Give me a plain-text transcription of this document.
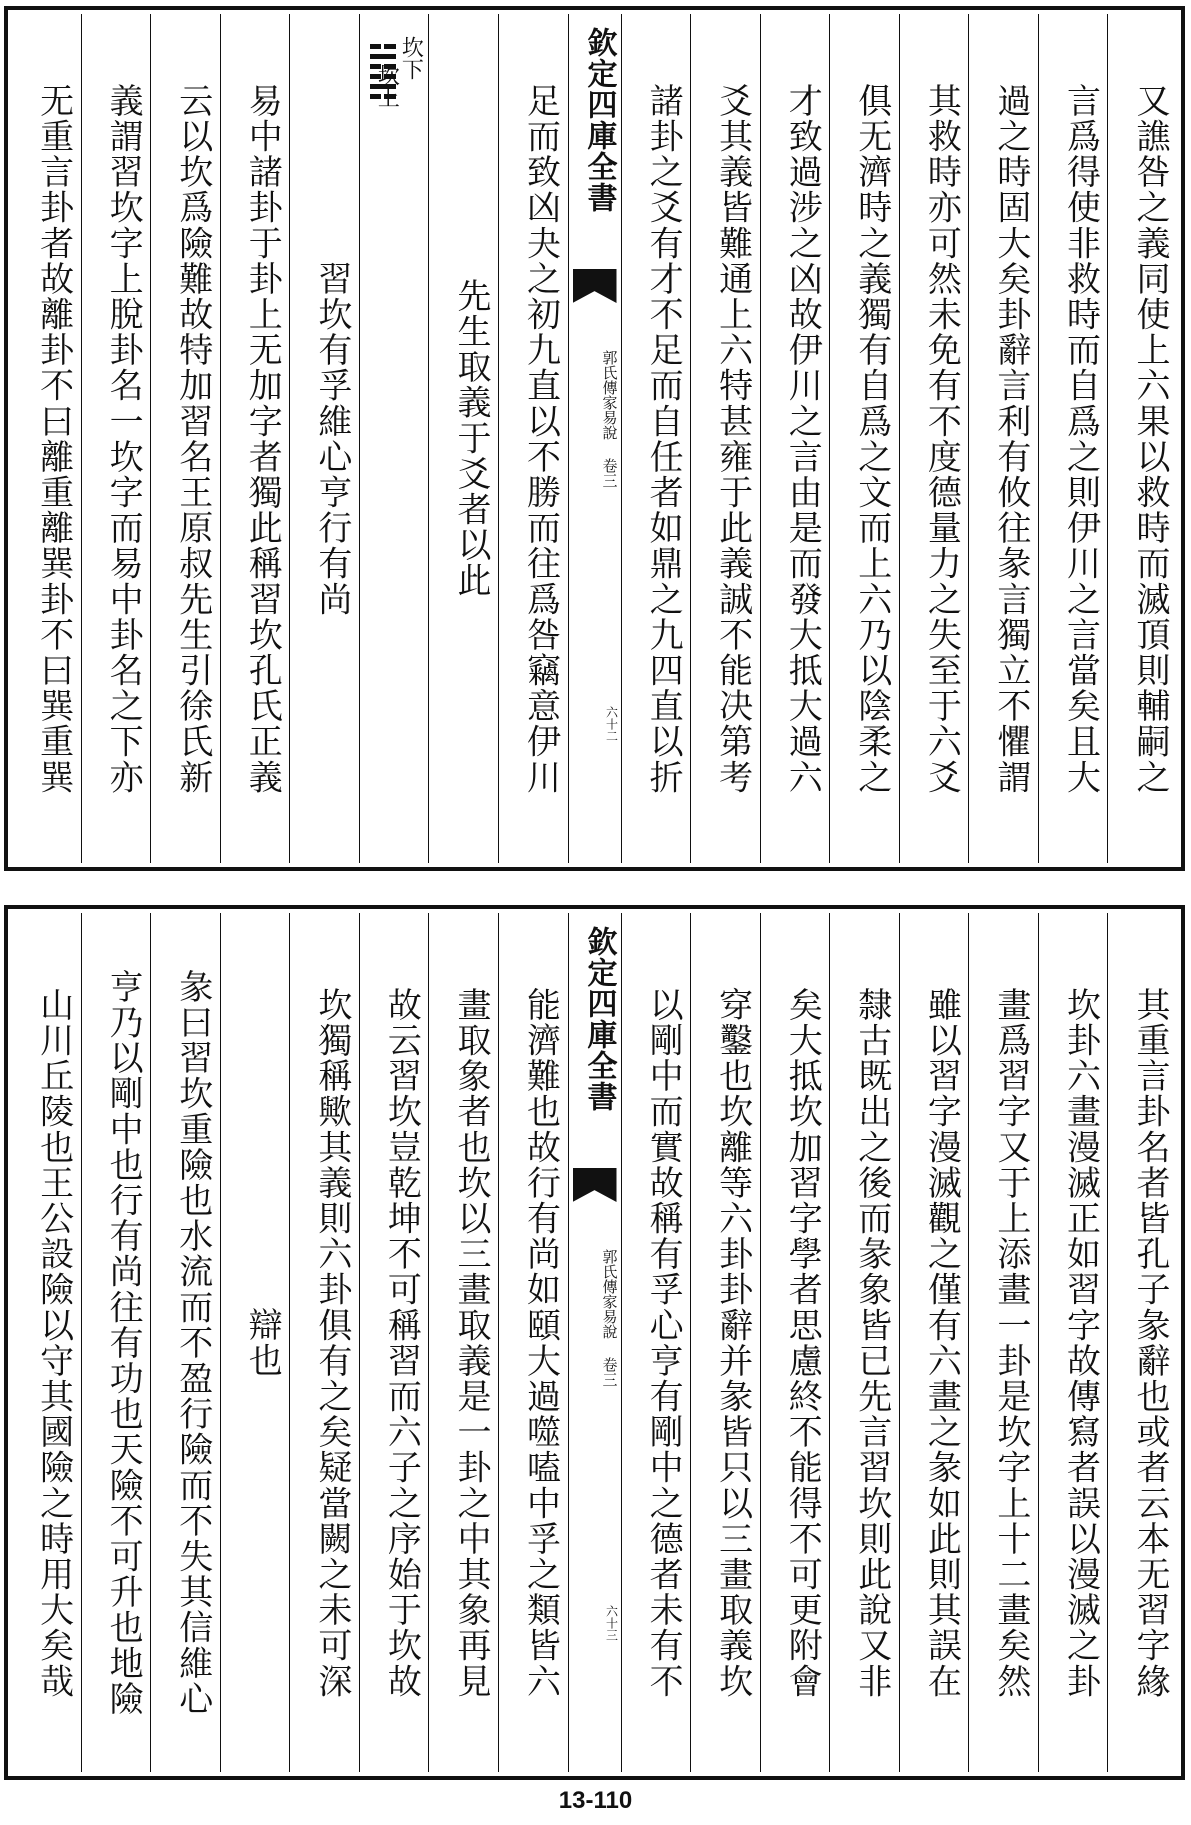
又譙咎之義同使上六果以救時而滅頂則輔嗣之
言爲得使非救時而自爲之則伊川之言當矣且大
過之時固大矣卦辭言利有攸往彖言獨立不懼謂
其救時亦可然未免有不度德量力之失至于六爻
俱无濟時之義獨有自爲之文而上六乃以陰柔之
才致過涉之凶故伊川之言由是而發大抵大過六
爻其義皆難通上六特甚雍于此義誠不能决第考
諸卦之爻有才不足而自任者如鼎之九四直以折
欽定四庫全書
郭氏傳家易說 卷三
六十二
足而致凶夬之初九直以不勝而往爲咎竊意伊川
先生取義于爻者以此
坎下
坎上
習坎有孚維心亨行有尚
易中諸卦于卦上无加字者獨此稱習坎孔氏正義
云以坎爲險難故特加習名王原叔先生引徐氏新
義謂習坎字上脫卦名一坎字而易中卦名之下亦
无重言卦者故離卦不曰離重離巽卦不曰巽重巽
其重言卦名者皆孔子彖辭也或者云本无習字緣
坎卦六畫漫滅正如習字故傳寫者誤以漫滅之卦
畫爲習字又于上添畫一卦是坎字上十二畫矣然
雖以習字漫滅觀之僅有六畫之彖如此則其誤在
隸古既出之後而彖象皆已先言習坎則此說又非
矣大抵坎加習字學者思慮終不能得不可更附會
穿鑿也坎離等六卦卦辭并彖皆只以三畫取義坎
以剛中而實故稱有孚心亨有剛中之德者未有不
欽定四庫全書
郭氏傳家易說 卷三
六十三
能濟難也故行有尚如頤大過噬嗑中孚之類皆六
畫取象者也坎以三畫取義是一卦之中其象再見
故云習坎豈乾坤不可稱習而六子之序始于坎故
坎獨稱歟其義則六卦俱有之矣疑當闕之未可深
辯也
彖曰習坎重險也水流而不盈行險而不失其信維心
亨乃以剛中也行有尚往有功也天險不可升也地險
山川丘陵也王公設險以守其國險之時用大矣哉
13-110
